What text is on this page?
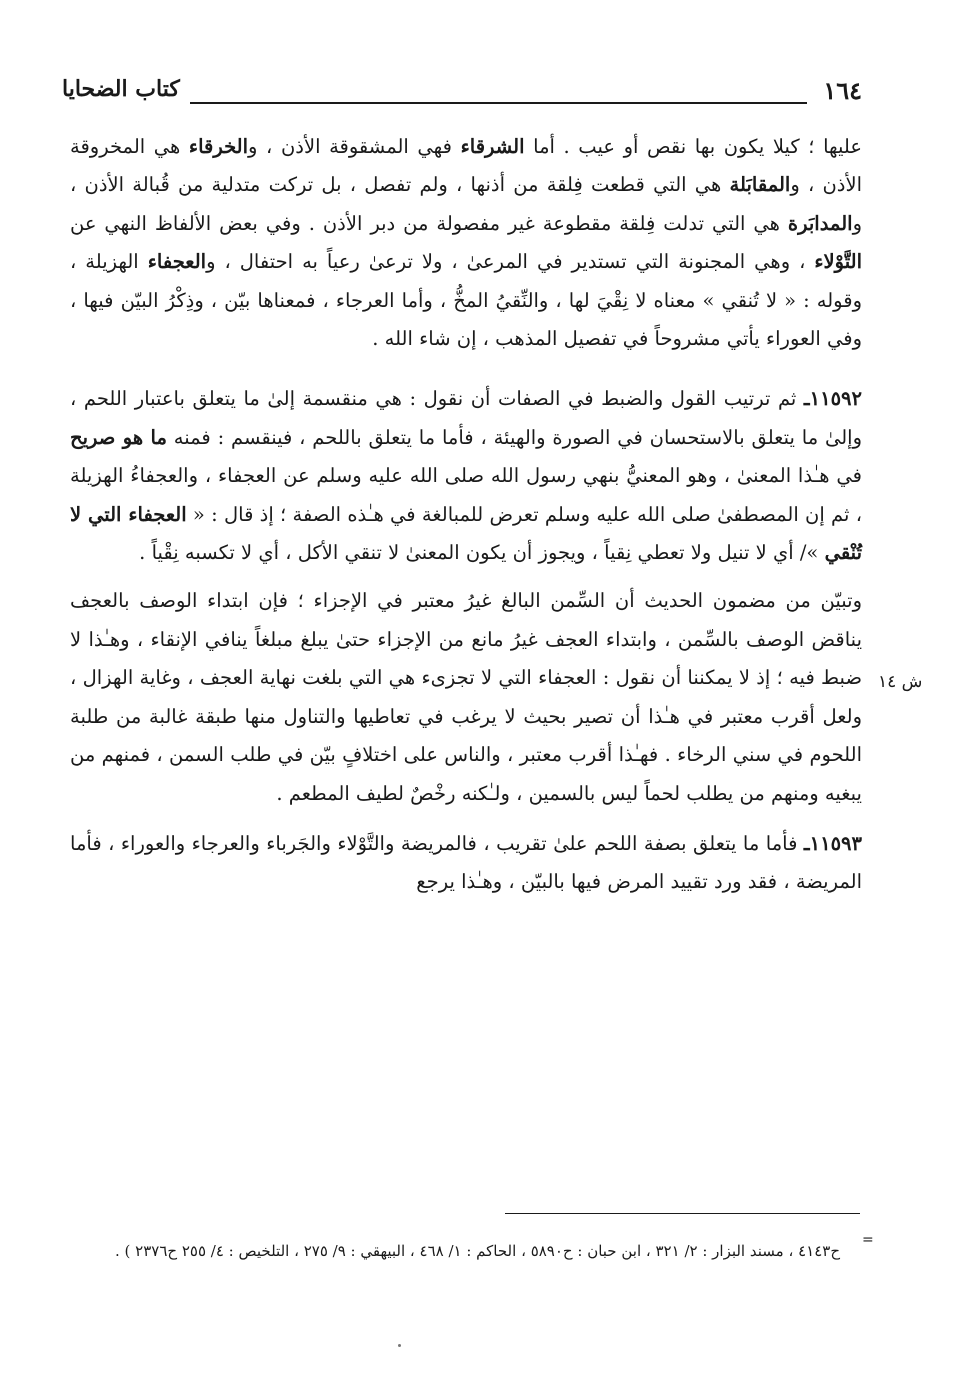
١٦٤
كتاب الضحايا

عليها ؛ كيلا يكون بها نقص أو عيب . أما الشرقاء فهي المشقوقة الأذن ، والخرقاء هي المخروقة الأذن ، والمقابَلة هي التي قطعت فِلقة من أذنها ، ولم تفصل ، بل تركت متدلية من قُبالة الأذن ، والمدابَرة هي التي تدلت فِلقة مقطوعة غير مفصولة من دبر الأذن . وفي بعض الألفاظ النهي عن التَّوْلاء ، وهي المجنونة التي تستدير في المرعىٰ ، ولا ترعىٰ رعياً به احتفال ، والعجفاء الهزيلة ، وقوله : « لا تُنقي » معناه لا نِقْيَ لها ، والنِّقيُ المخُّ ، وأما العرجاء ، فمعناها بيّن ، وذِكْرُ البيّن فيها ، وفي العوراء يأتي مشروحاً في تفصيل المذهب ، إن شاء الله .

١١٥٩٢ـ ثم ترتيب القول والضبط في الصفات أن نقول : هي منقسمة إلىٰ ما يتعلق باعتبار اللحم ، وإلىٰ ما يتعلق بالاستحسان في الصورة والهيئة ، فأما ما يتعلق باللحم ، فينقسم : فمنه ما هو صريح في هـٰذا المعنىٰ ، وهو المعنيُّ بنهي رسول الله صلى الله عليه وسلم عن العجفاء ، والعجفاءُ الهزيلة ، ثم إن المصطفىٰ صلى الله عليه وسلم تعرض للمبالغة في هـٰذه الصفة ؛ إذ قال : « العجفاء التي لا تُنْقي »/ أي لا تنيل ولا تعطي نِقياً ، ويجوز أن يكون المعنىٰ لا تنقي الأكل ، أي لا تكسبه نِقْياً .

وتبيّن من مضمون الحديث أن السِّمن البالغ غيرُ معتبر في الإجزاء ؛ فإن ابتداء الوصف بالعجف يناقض الوصف بالسِّمن ، وابتداء العجف غيرُ مانع من الإجزاء حتىٰ يبلغ مبلغاً ينافي الإنقاء ، وهـٰذا لا ضبط فيه ؛ إذ لا يمكننا أن نقول : العجفاء التي لا تجزىء هي التي بلغت نهاية العجف ، وغاية الهزال ، ولعل أقرب معتبر في هـٰذا أن تصير بحيث لا يرغب في تعاطيها والتناول منها طبقة غالبة من طلبة اللحوم في سني الرخاء . فهـٰذا أقرب معتبر ، والناس على اختلافٍ بيّن في طلب السمن ، فمنهم من يبغيه ومنهم من يطلب لحماً ليس بالسمين ، ولـٰكنه رخْصٌ لطيف المطعم .

١١٥٩٣ـ فأما ما يتعلق بصفة اللحم علىٰ تقريب ، فالمريضة والتَّوْلاء والجَرباء والعرجاء والعوراء ، فأما المريضة ، فقد ورد تقييد المرض فيها بالبيّن ، وهـٰذا يرجع

ش ١٤
=

ح٤١٤٣ ، مسند البزار : ٢/ ٣٢١ ، ابن حبان : ح٥٨٩٠ ، الحاكم : ١/ ٤٦٨ ، البيهقي : ٩/ ٢٧٥ ، التلخيص : ٤/ ٢٥٥ ح٢٣٧٦ ) .
